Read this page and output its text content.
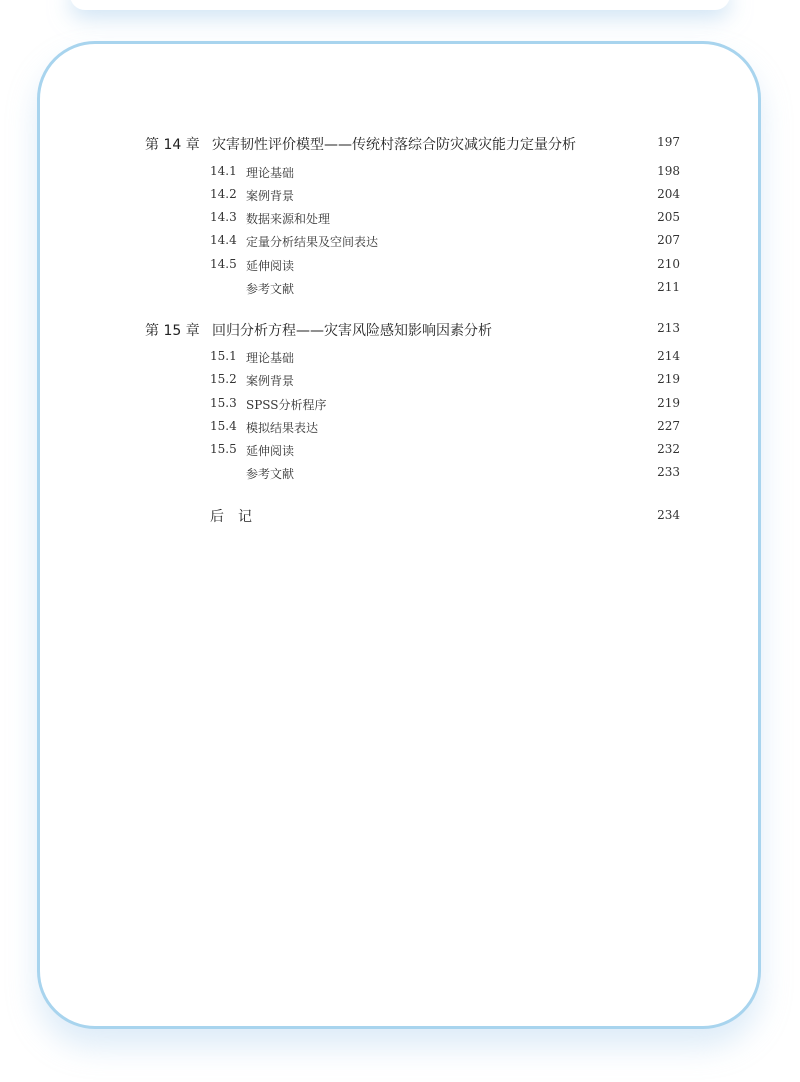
第 14 章 灾害韧性评价模型——传统村落综合防灾减灾能力定量分析	197
14.1 理论基础	198
14.2 案例背景	204
14.3 数据来源和处理	205
14.4 定量分析结果及空间表达	207
14.5 延伸阅读	210
参考文献	211
第 15 章 回归分析方程——灾害风险感知影响因素分析	213
15.1 理论基础	214
15.2 案例背景	219
15.3 SPSS分析程序	219
15.4 模拟结果表达	227
15.5 延伸阅读	232
参考文献	233
后记	234
